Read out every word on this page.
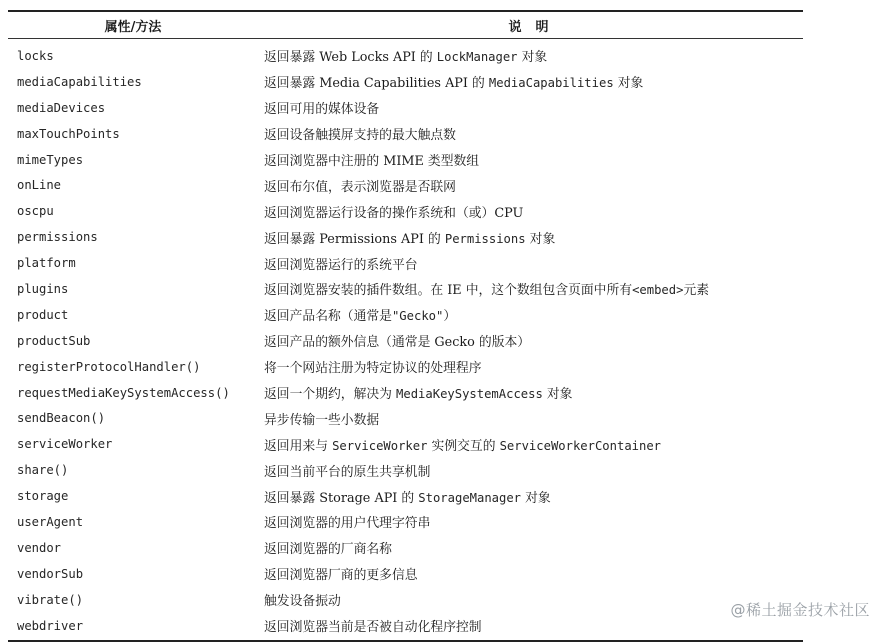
属性/方法	说明
locks	返回暴露 Web Locks API 的 LockManager 对象
mediaCapabilities	返回暴露 Media Capabilities API 的 MediaCapabilities 对象
mediaDevices	返回可用的媒体设备
maxTouchPoints	返回设备触摸屏支持的最大触点数
mimeTypes	返回浏览器中注册的 MIME 类型数组
onLine	返回布尔值，表示浏览器是否联网
oscpu	返回浏览器运行设备的操作系统和（或）CPU
permissions	返回暴露 Permissions API 的 Permissions 对象
platform	返回浏览器运行的系统平台
plugins	返回浏览器安装的插件数组。在 IE 中，这个数组包含页面中所有<embed>元素
product	返回产品名称（通常是"Gecko"）
productSub	返回产品的额外信息（通常是 Gecko 的版本）
registerProtocolHandler()	将一个网站注册为特定协议的处理程序
requestMediaKeySystemAccess()	返回一个期约，解决为 MediaKeySystemAccess 对象
sendBeacon()	异步传输一些小数据
serviceWorker	返回用来与 ServiceWorker 实例交互的 ServiceWorkerContainer
share()	返回当前平台的原生共享机制
storage	返回暴露 Storage API 的 StorageManager 对象
userAgent	返回浏览器的用户代理字符串
vendor	返回浏览器的厂商名称
vendorSub	返回浏览器厂商的更多信息
vibrate()	触发设备振动
webdriver	返回浏览器当前是否被自动化程序控制
@稀土掘金技术社区
